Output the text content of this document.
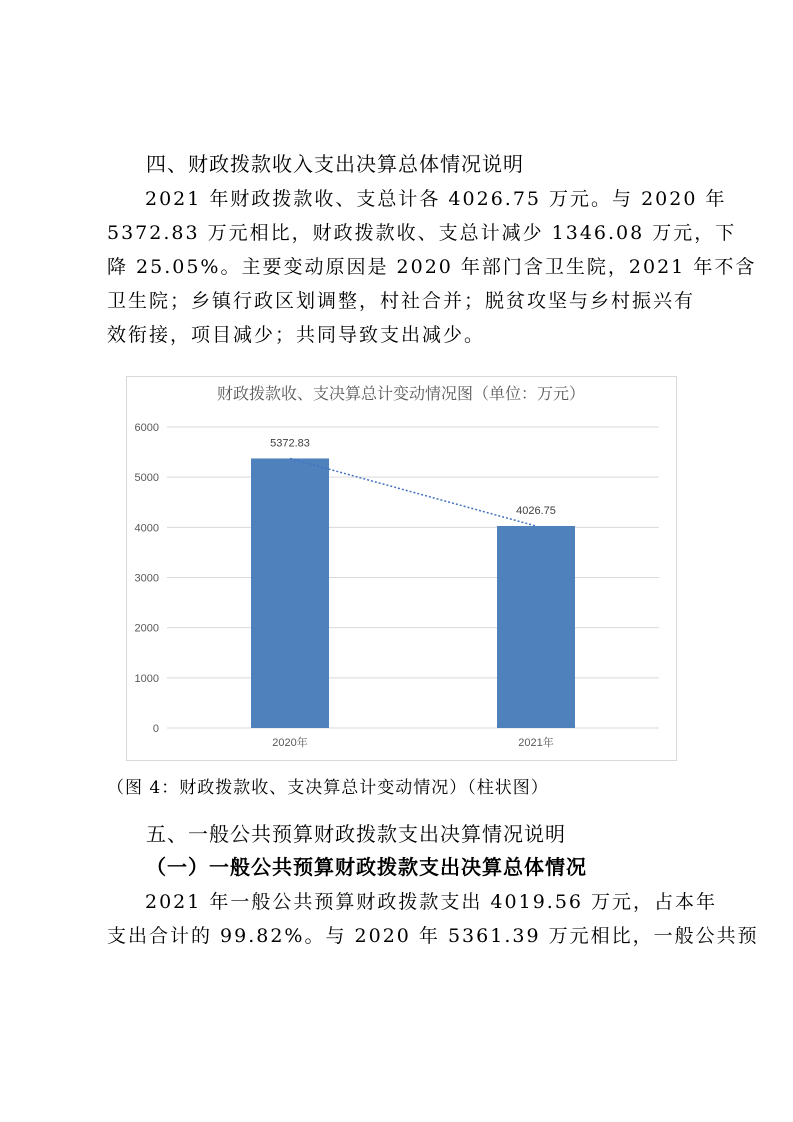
四、财政拨款收入支出决算总体情况说明

2021 年财政拨款收、支总计各 4026.75 万元。与 2020 年
5372.83 万元相比，财政拨款收、支总计减少 1346.08 万元，下
降 25.05%。主要变动原因是 2020 年部门含卫生院，2021 年不含
卫生院；乡镇行政区划调整，村社合并；脱贫攻坚与乡村振兴有
效衔接，项目减少；共同导致支出减少。

财政拨款收、支决算总计变动情况图（单位：万元）
0
1000
2000
3000
4000
5000
6000
5372.83
4026.75
2020年	2021年
（图 4：财政拨款收、支决算总计变动情况）（柱状图）
五、一般公共预算财政拨款支出决算情况说明
（一）一般公共预算财政拨款支出决算总体情况

2021 年一般公共预算财政拨款支出 4019.56 万元，占本年
支出合计的 99.82%。与 2020 年 5361.39 万元相比，一般公共预
